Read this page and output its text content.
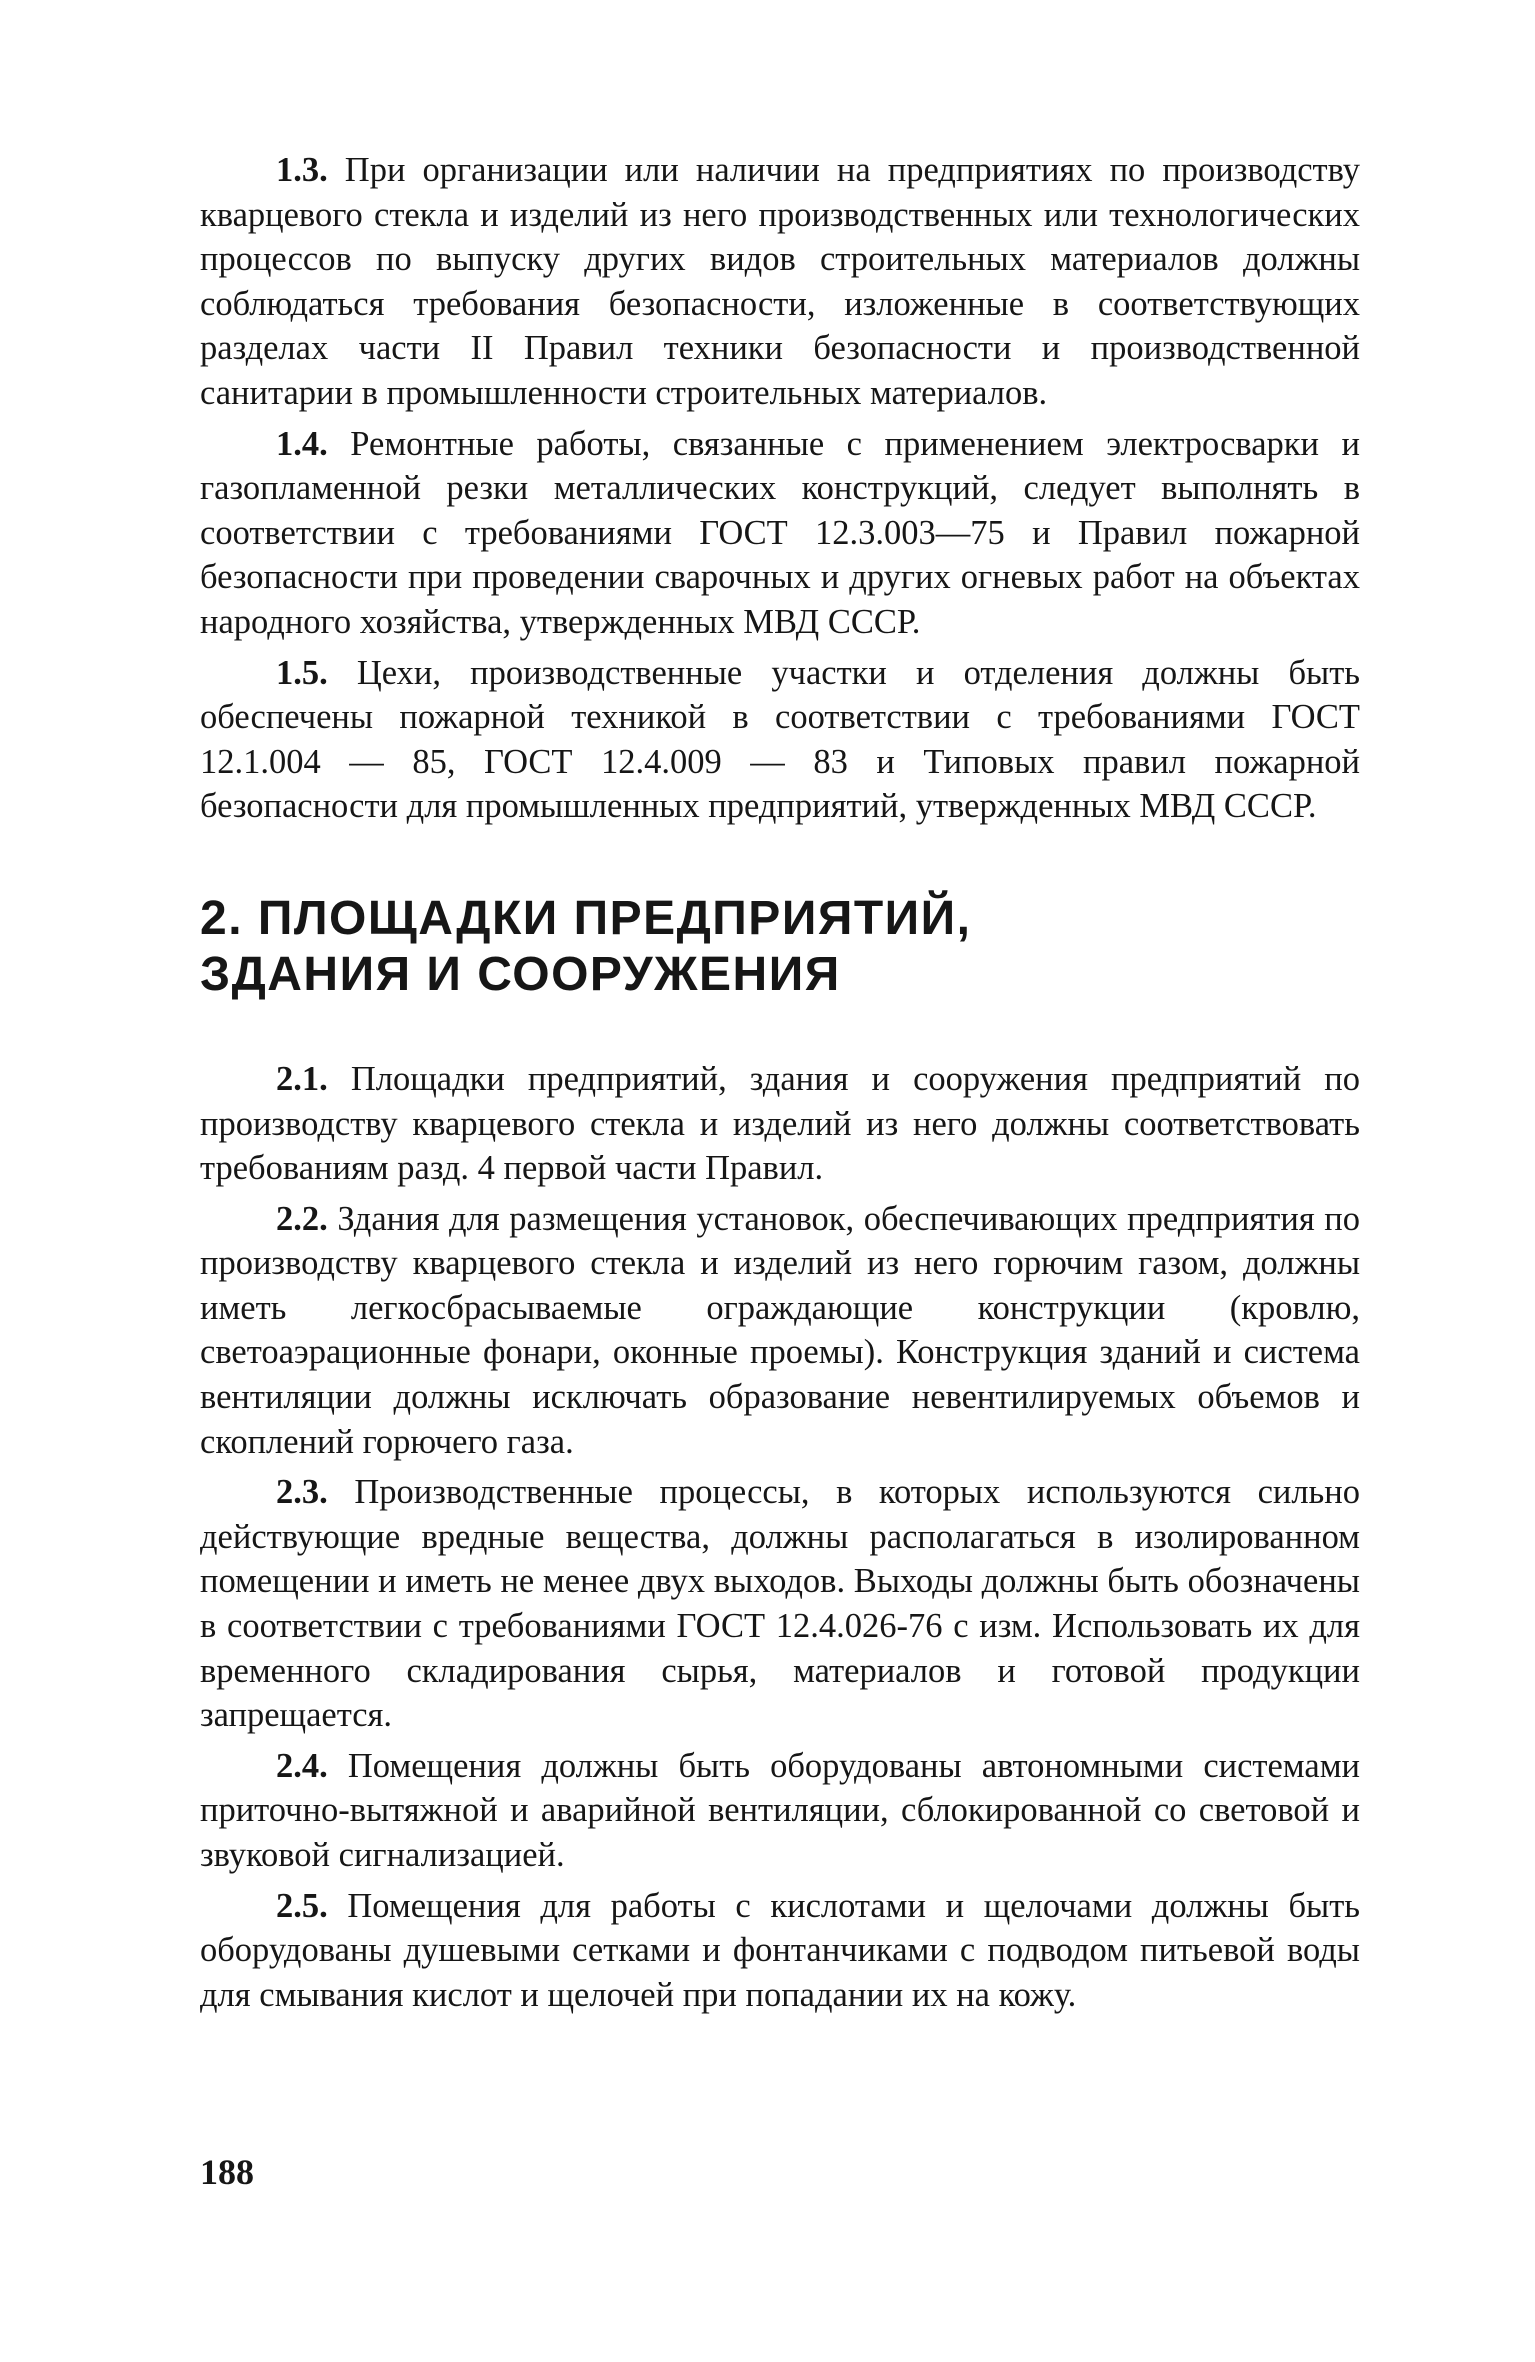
1.3. При организации или наличии на предприятиях по производству кварцевого стекла и изделий из него производственных или технологических процессов по выпуску других видов строительных материалов должны соблюдаться требования безопасности, изложенные в соответствующих разделах части II Правил техники безопасности и производственной санитарии в промышленности строительных материалов.

1.4. Ремонтные работы, связанные с применением электросварки и газопламенной резки металлических конструкций, следует выполнять в соответствии с требованиями ГОСТ 12.3.003—75 и Правил пожарной безопасности при проведении сварочных и других огневых работ на объектах народного хозяйства, утвержденных МВД СССР.

1.5. Цехи, производственные участки и отделения должны быть обеспечены пожарной техникой в соответствии с требованиями ГОСТ 12.1.004 — 85, ГОСТ 12.4.009 — 83 и Типовых правил пожарной безопасности для промышленных предприятий, утвержденных МВД СССР.

2. ПЛОЩАДКИ ПРЕДПРИЯТИЙ,
ЗДАНИЯ И СООРУЖЕНИЯ

2.1. Площадки предприятий, здания и сооружения предприятий по производству кварцевого стекла и изделий из него должны соответствовать требованиям разд. 4 первой части Правил.

2.2. Здания для размещения установок, обеспечивающих предприятия по производству кварцевого стекла и изделий из него горючим газом, должны иметь легкосбрасываемые ограждающие конструкции (кровлю, светоаэрационные фонари, оконные проемы). Конструкция зданий и система вентиляции должны исключать образование невентилируемых объемов и скоплений горючего газа.

2.3. Производственные процессы, в которых используются сильно действующие вредные вещества, должны располагаться в изолированном помещении и иметь не менее двух выходов. Выходы должны быть обозначены в соответствии с требованиями ГОСТ 12.4.026-76 с изм. Использовать их для временного складирования сырья, материалов и готовой продукции запрещается.

2.4. Помещения должны быть оборудованы автономными системами приточно-вытяжной и аварийной вентиляции, сблокированной со световой и звуковой сигнализацией.

2.5. Помещения для работы с кислотами и щелочами должны быть оборудованы душевыми сетками и фонтанчиками с подводом питьевой воды для смывания кислот и щелочей при попадании их на кожу.

188
